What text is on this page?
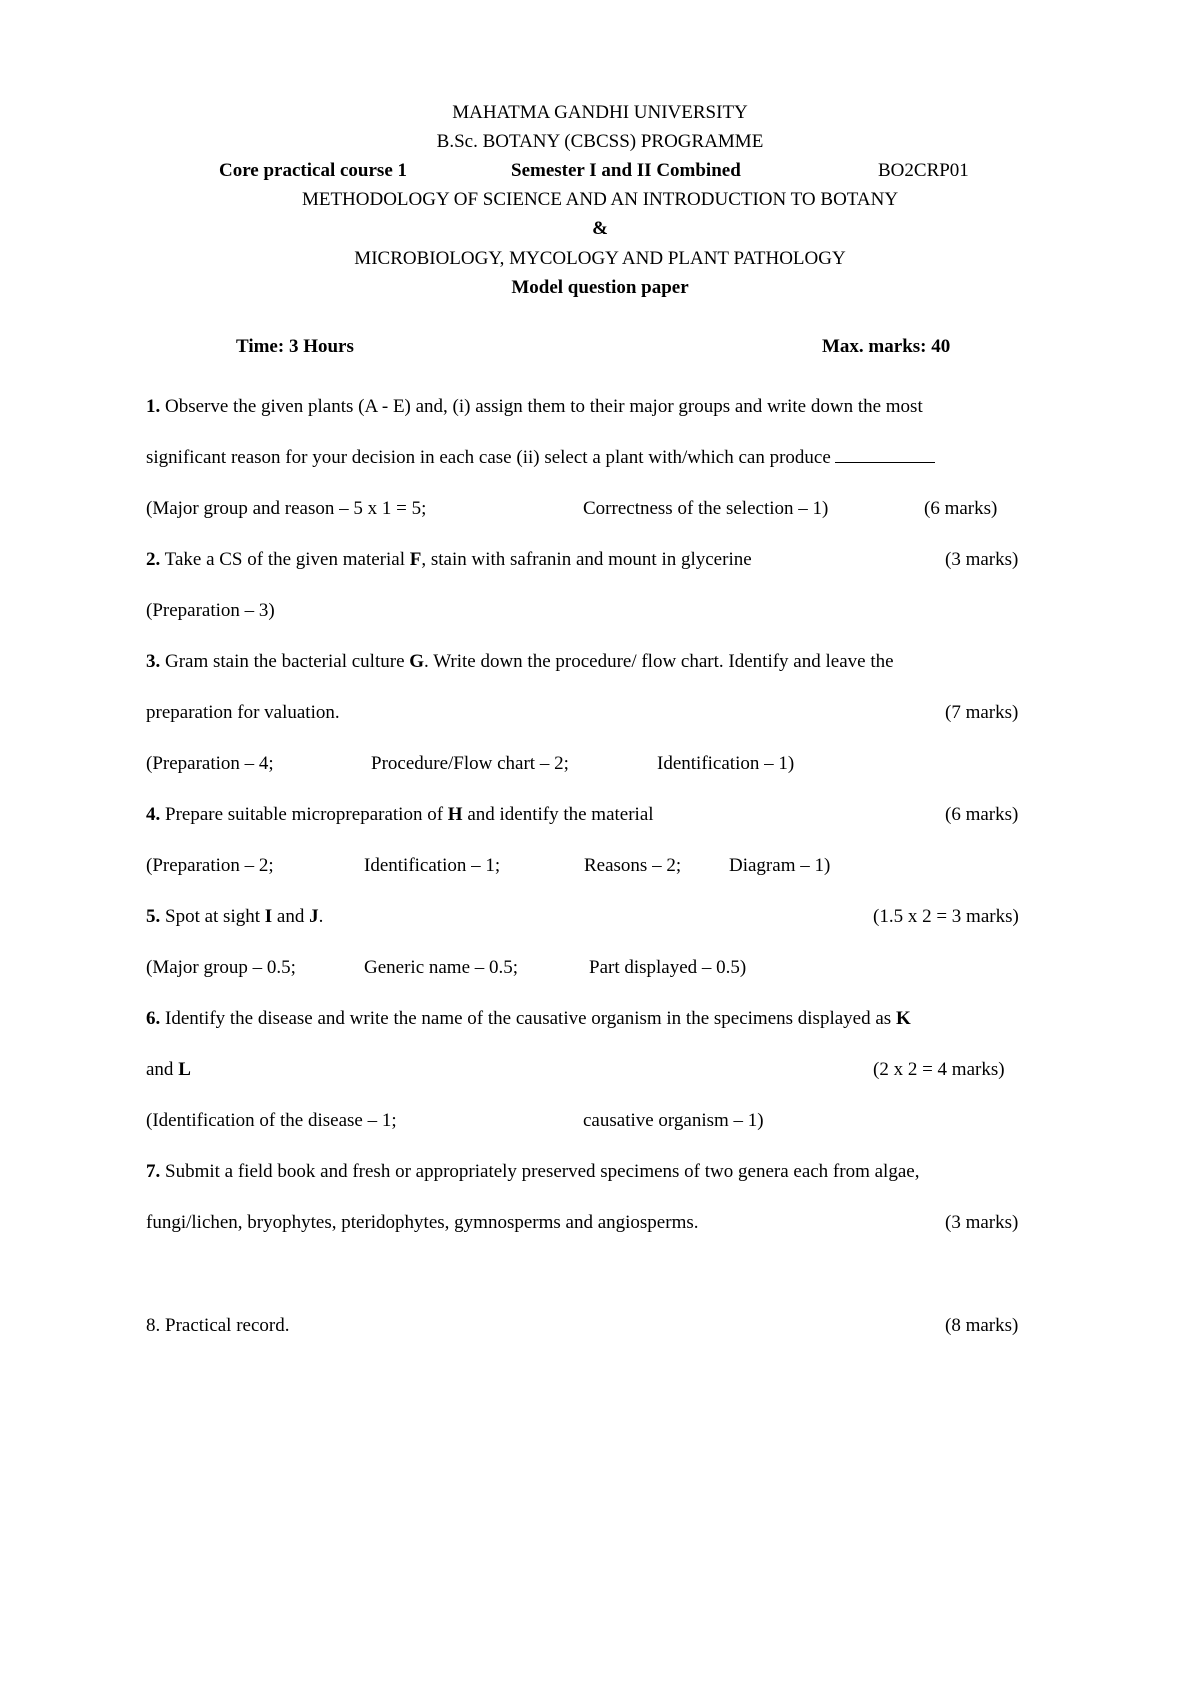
MAHATMA GANDHI UNIVERSITY
B.Sc. BOTANY (CBCSS) PROGRAMME
Core practical course 1	Semester I and II Combined	BO2CRP01
METHODOLOGY OF SCIENCE AND AN INTRODUCTION TO BOTANY
&
MICROBIOLOGY, MYCOLOGY AND PLANT PATHOLOGY
Model question paper
Time: 3 Hours	Max. marks: 40
1. Observe the given plants (A - E) and, (i) assign them to their major groups and write down the most
significant reason for your decision in each case (ii) select a plant with/which can produce
(Major group and reason – 5 x 1 = 5;	Correctness of the selection – 1)	(6 marks)
2. Take a CS of the given material F, stain with safranin and mount in glycerine	(3 marks)
(Preparation – 3)
3. Gram stain the bacterial culture G. Write down the procedure/ flow chart. Identify and leave the
preparation for valuation.	(7 marks)
(Preparation – 4;	Procedure/Flow chart – 2;	Identification – 1)
4. Prepare suitable micropreparation of H and identify the material	(6 marks)
(Preparation – 2;	Identification – 1;	Reasons – 2;	Diagram – 1)
5. Spot at sight I and J.	(1.5 x 2 = 3 marks)
(Major group – 0.5;	Generic name – 0.5;	Part displayed – 0.5)
6. Identify the disease and write the name of the causative organism in the specimens displayed as K
and L	(2 x 2 = 4 marks)
(Identification of the disease – 1;	causative organism – 1)
7. Submit a field book and fresh or appropriately preserved specimens of two genera each from algae,
fungi/lichen, bryophytes, pteridophytes, gymnosperms and angiosperms.	(3 marks)
8. Practical record.	(8 marks)
